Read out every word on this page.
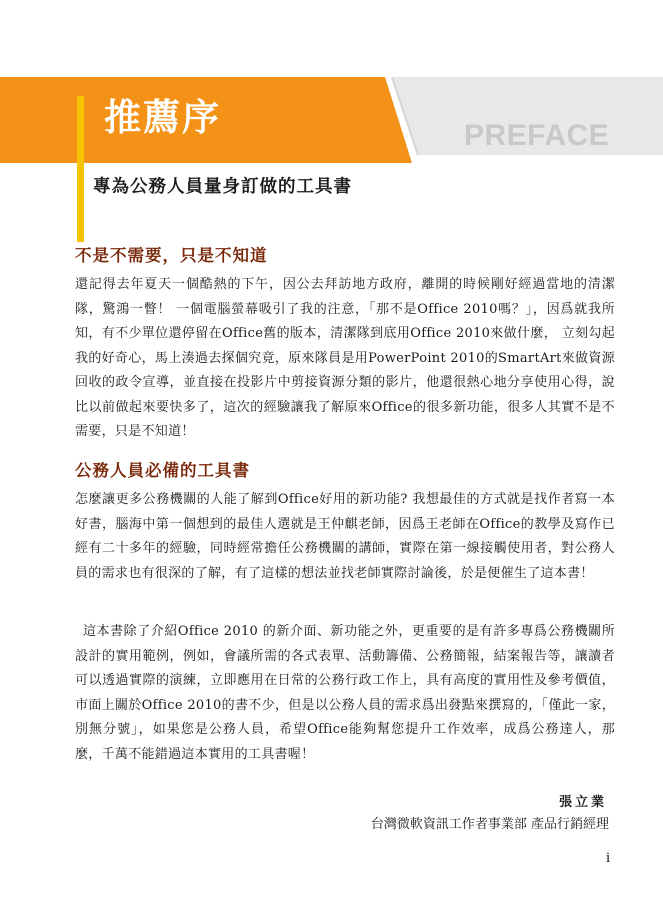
推薦序	PREFACE
專為公務人員量身訂做的工具書
不是不需要，只是不知道

還記得去年夏天一個酷熱的下午，因公去拜訪地方政府，離開的時候剛好經過當地的清潔隊，驚鴻一瞥！ 一個電腦螢幕吸引了我的注意，「那不是Office 2010嗎？」，因爲就我所知，有不少單位還停留在Office舊的版本，清潔隊到底用Office 2010來做什麼， 立刻勾起我的好奇心，馬上湊過去探個究竟，原來隊員是用PowerPoint 2010的SmartArt來做資源回收的政令宣導，並直接在投影片中剪接資源分類的影片，他還很熱心地分享使用心得，說比以前做起來要快多了，這次的經驗讓我了解原來Office的很多新功能，很多人其實不是不需要，只是不知道！

公務人員必備的工具書

怎麼讓更多公務機關的人能了解到Office好用的新功能? 我想最佳的方式就是找作者寫一本好書，腦海中第一個想到的最佳人選就是王仲麒老師，因爲王老師在Office的教學及寫作已經有二十多年的經驗，同時經常擔任公務機關的講師，實際在第一線接觸使用者，對公務人員的需求也有很深的了解，有了這樣的想法並找老師實際討論後，於是便催生了這本書！

這本書除了介紹Office 2010 的新介面、新功能之外，更重要的是有許多專爲公務機關所設計的實用範例，例如，會議所需的各式表單、活動籌備、公務簡報，結案報告等，讓讀者可以透過實際的演練，立即應用在日常的公務行政工作上，具有高度的實用性及參考價值，市面上關於Office 2010的書不少，但是以公務人員的需求爲出發點來撰寫的，「僅此一家，別無分號」，如果您是公務人員，希望Office能夠幫您提升工作效率，成爲公務達人，那麼，千萬不能錯過這本實用的工具書喔！

張立業
台灣微軟資訊工作者事業部 產品行銷經理
i
